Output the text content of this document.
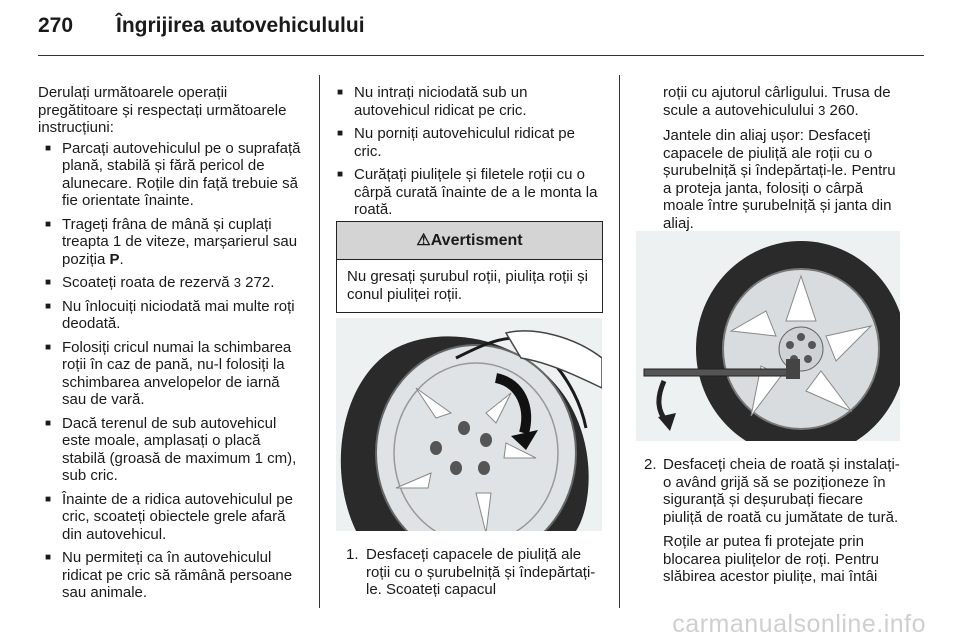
270 Îngrijirea autovehiculului

Derulați următoarele operații pregătitoare și respectați următoarele instrucțiuni:

■ Parcați autovehiculul pe o suprafață plană, stabilă și fără pericol de alunecare. Roțile din față trebuie să fie orientate înainte.
■ Trageți frâna de mână și cuplați treapta 1 de viteze, marșarierul sau poziția P.
■ Scoateți roata de rezervă 3 272.
■ Nu înlocuiți niciodată mai multe roți deodată.
■ Folosiți cricul numai la schimbarea roții în caz de pană, nu-l folosiți la schimbarea anvelopelor de iarnă sau de vară.
■ Dacă terenul de sub autovehicul este moale, amplasați o placă stabilă (groasă de maximum 1 cm), sub cric.
■ Înainte de a ridica autovehiculul pe cric, scoateți obiectele grele afară din autovehicul.
■ Nu permiteți ca în autovehiculul ridicat pe cric să rămână persoane sau animale.
■ Nu intrați niciodată sub un autovehicul ridicat pe cric.
■ Nu porniți autovehiculul ridicat pe cric.
■ Curățați piulițele și filetele roții cu o cârpă curată înainte de a le monta la roată.
⚠Avertisment
Nu gresați șurubul roții, piulița roții și conul piuliței roții.
1. Desfaceți capacele de piuliță ale roții cu o șurubelniță și îndepărtați-le. Scoateți capacul

roții cu ajutorul cârligului. Trusa de scule a autovehiculului 3 260.

Jantele din aliaj ușor: Desfaceți capacele de piuliță ale roții cu o șurubelniță și îndepărtați-le. Pentru a proteja janta, folosiți o cârpă moale între șurubelniță și janta din aliaj.

2. Desfaceți cheia de roată și instalați-o având grijă să se poziționeze în siguranță și deșurubați fiecare piuliță de roată cu jumătate de tură.

Roțile ar putea fi protejate prin blocarea piulițelor de roți. Pentru slăbirea acestor piulițe, mai întâi

carmanualsonline.info
